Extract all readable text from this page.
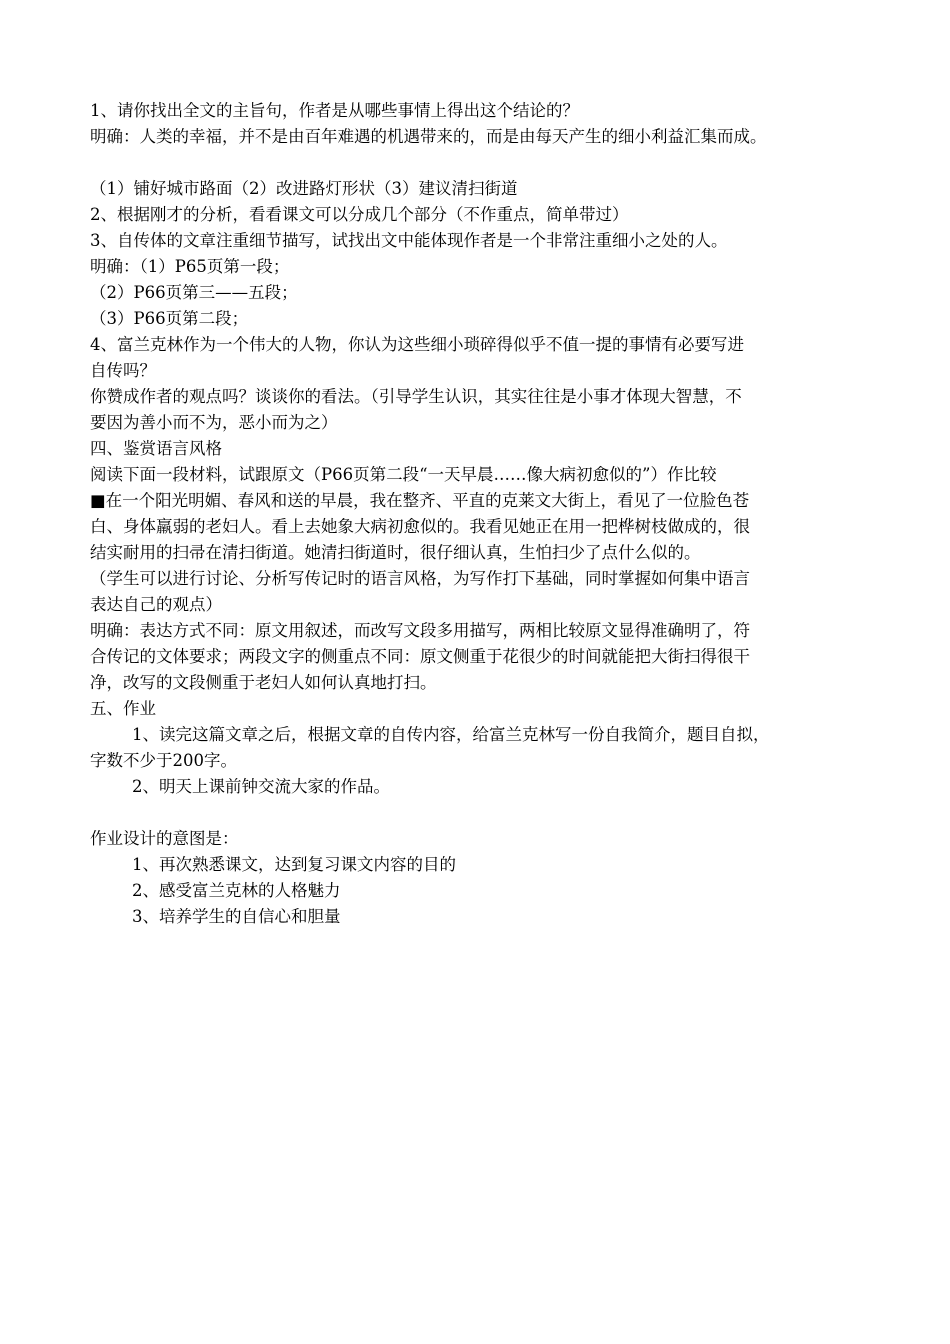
1、请你找出全文的主旨句，作者是从哪些事情上得出这个结论的？
明确：人类的幸福，并不是由百年难遇的机遇带来的，而是由每天产生的细小利益汇集而成。
（1）铺好城市路面（2）改进路灯形状（3）建议清扫街道
2、根据刚才的分析，看看课文可以分成几个部分（不作重点，简单带过）
3、自传体的文章注重细节描写，试找出文中能体现作者是一个非常注重细小之处的人。
明确：（1）P65页第一段；
（2）P66页第三——五段；
（3）P66页第二段；
4、富兰克林作为一个伟大的人物，你认为这些细小琐碎得似乎不值一提的事情有必要写进
自传吗？
你赞成作者的观点吗？谈谈你的看法。（引导学生认识，其实往往是小事才体现大智慧，不
要因为善小而不为，恶小而为之）
四、鉴赏语言风格
阅读下面一段材料，试跟原文（P66页第二段“一天早晨……像大病初愈似的”）作比较
■在一个阳光明媚、春风和送的早晨，我在整齐、平直的克莱文大街上，看见了一位脸色苍
白、身体羸弱的老妇人。看上去她象大病初愈似的。我看见她正在用一把桦树枝做成的，很
结实耐用的扫帚在清扫街道。她清扫街道时，很仔细认真，生怕扫少了点什么似的。
（学生可以进行讨论、分析写传记时的语言风格，为写作打下基础，同时掌握如何集中语言
表达自己的观点）
明确：表达方式不同：原文用叙述，而改写文段多用描写，两相比较原文显得准确明了，符
合传记的文体要求；两段文字的侧重点不同：原文侧重于花很少的时间就能把大街扫得很干
净，改写的文段侧重于老妇人如何认真地打扫。
五、作业
1、读完这篇文章之后，根据文章的自传内容，给富兰克林写一份自我简介，题目自拟，
字数不少于200字。
2、明天上课前钟交流大家的作品。
作业设计的意图是：
1、再次熟悉课文，达到复习课文内容的目的
2、感受富兰克林的人格魅力
3、培养学生的自信心和胆量
